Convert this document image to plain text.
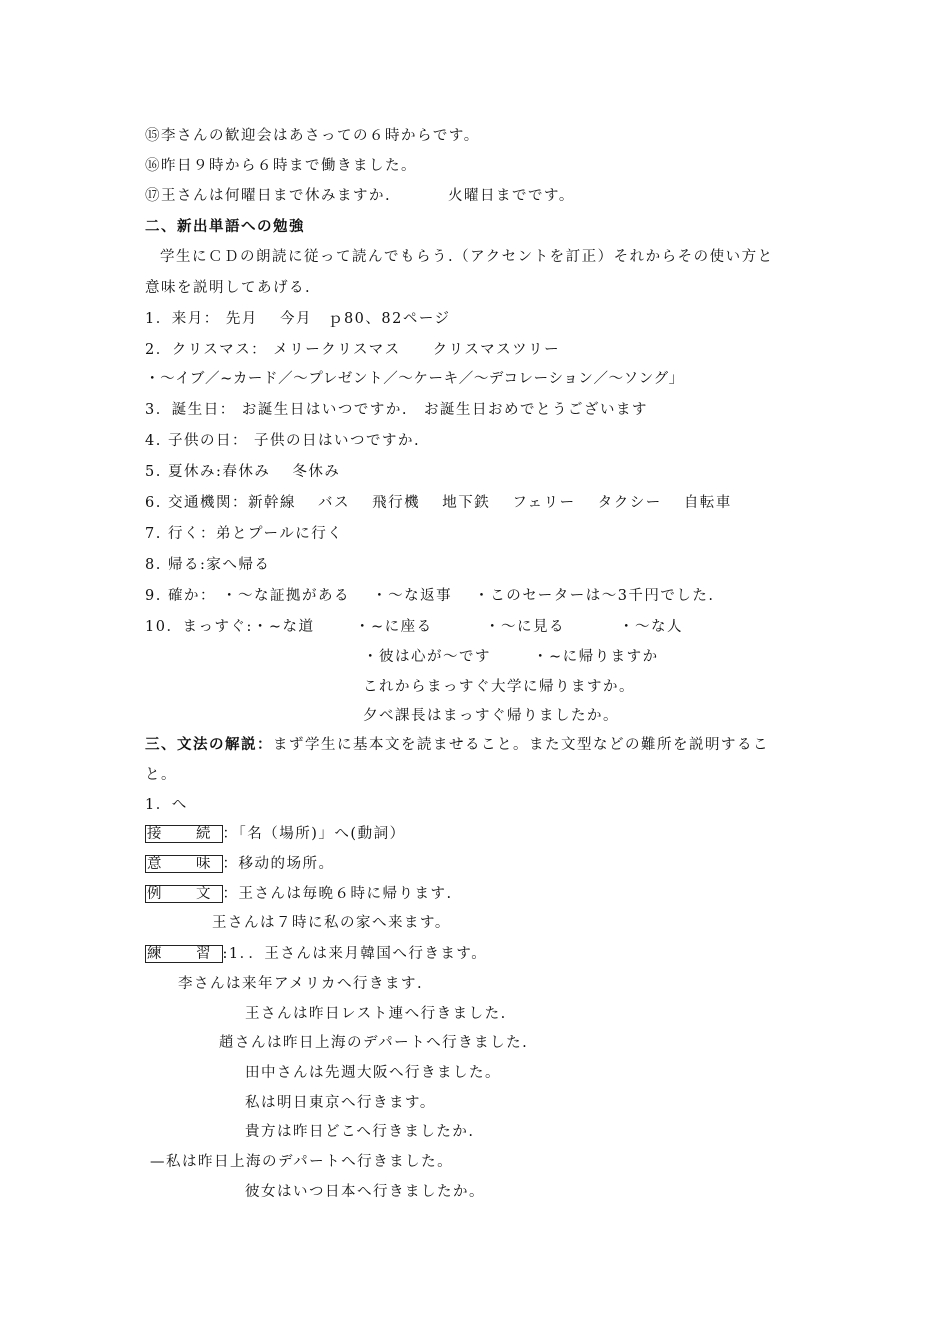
⑮李さんの歓迎会はあさっての６時からです。
⑯昨日９時から６時まで働きました。
⑰王さんは何曜日まで休みますか.	火曜日までです。
二、新出単語への勉強
学生にＣＤの朗読に従って読んでもらう.（アクセントを訂正）それからその使い方と
意味を説明してあげる.
1．来月： 先月　 今月　ｐ80、82ページ
2．クリスマス： メリークリスマス　　クリスマスツリー
・～イブ／∼カード／～プレゼント／～ケーキ／～デコレーション／～ソング」
3．誕生日： お誕生日はいつですか.　お誕生日おめでとうございます
4. 子供の日： 子供の日はいつですか.
5. 夏休み:春休み　 冬休み
6. 交通機関：新幹線　 バス　 飛行機　 地下鉄　 フェリー　 タクシー　 自転車
7. 行く：弟とプールに行く
8. 帰る:家へ帰る
9. 確か： ・～な証拠がある　 ・～な返事　 ・このセーターは～3千円でした.
10．まっすぐ:・∼な道	・∼に座る	・～に見る	・～な人
・彼は心が～です	・∼に帰りますか
これからまっすぐ大学に帰りますか。
夕べ課長はまっすぐ帰りましたか。
三、文法の解説：まず学生に基本文を読ませること。また文型などの難所を説明するこ
と。
1．へ
接　続 ：「名（場所)」へ(動詞）
意　味 ：移动的场所。
例　文 ：王さんは毎晩６時に帰ります.
王さんは７時に私の家へ来ます。
練　習 :1．．王さんは来月韓国へ行きます。
李さんは来年アメリカへ行きます.
王さんは昨日レスト連へ行きました.
趙さんは昨日上海のデパートへ行きました.
田中さんは先週大阪へ行きました。
私は明日東京へ行きます。
貴方は昨日どこへ行きましたか.
—私は昨日上海のデパートへ行きました。
彼女はいつ日本へ行きましたか。
